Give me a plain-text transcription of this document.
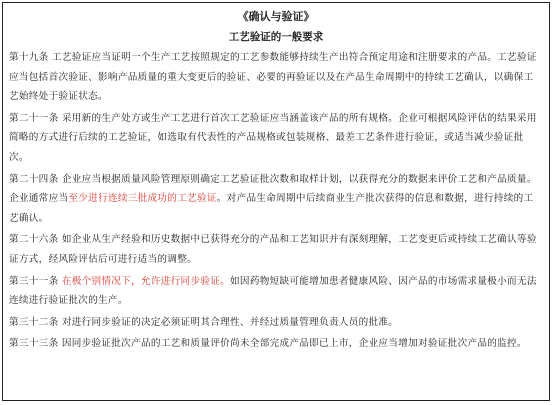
《确认与验证》

工艺验证的一般要求

第十九条 工艺验证应当证明一个生产工艺按照规定的工艺参数能够持续生产出符合预定用途和注册要求的产品。工艺验证应当包括首次验证、影响产品质量的重大变更后的验证、必要的再验证以及在产品生命周期中的持续工艺确认，以确保工艺始终处于验证状态。

第二十一条 采用新的生产处方或生产工艺进行首次工艺验证应当涵盖该产品的所有规格。企业可根据风险评估的结果采用简略的方式进行后续的工艺验证，如选取有代表性的产品规格或包装规格、最差工艺条件进行验证，或适当减少验证批次。

第二十四条 企业应当根据质量风险管理原则确定工艺验证批次数和取样计划，以获得充分的数据来评价工艺和产品质量。企业通常应当至少进行连续三批成功的工艺验证。对产品生命周期中后续商业生产批次获得的信息和数据，进行持续的工艺确认。

第二十六条 如企业从生产经验和历史数据中已获得充分的产品和工艺知识并有深刻理解，工艺变更后或持续工艺确认等验证方式，经风险评估后可进行适当的调整。

第三十一条 在极个别情况下，允许进行同步验证。如因药物短缺可能增加患者健康风险、因产品的市场需求量极小而无法连续进行验证批次的生产。

第三十二条 对进行同步验证的决定必须证明其合理性、并经过质量管理负责人员的批准。

第三十三条 因同步验证批次产品的工艺和质量评价尚未全部完成产品即已上市，企业应当增加对验证批次产品的监控。
